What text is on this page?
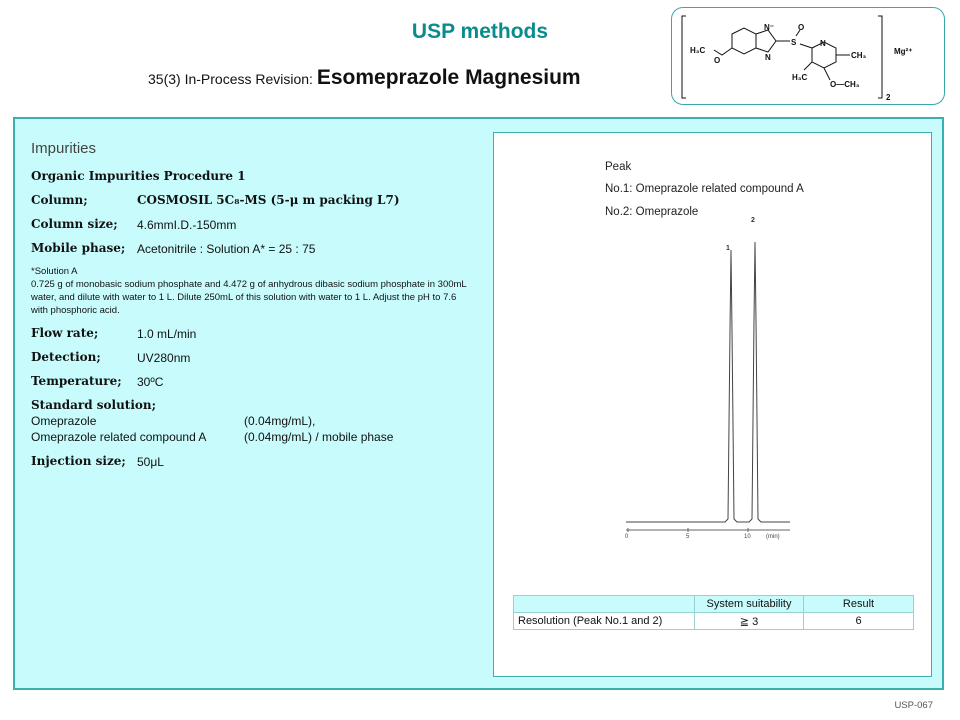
USP methods
35(3) In-Process Revision: Esomeprazole Magnesium
H₃C
O
N⁻
N
S
O
N
CH₃
H₃C
O—CH₃
Mg²⁺
2
Impurities
Organic Impurities Procedure 1
Column;	COSMOSIL 5C₈-MS (5-μ m packing L7)
Column size; 4.6mmI.D.-150mm
Mobile phase; Acetonitrile : Solution A* = 25 : 75
*Solution A
0.725 g of monobasic sodium phosphate and 4.472 g of anhydrous dibasic sodium phosphate in 300mL water, and dilute with water to 1 L. Dilute 250mL of this solution with water to 1 L. Adjust the pH to 7.6 with phosphoric acid.
Flow rate;	1.0 mL/min
Detection;	UV280nm
Temperature; 30ºC
Standard solution;
Omeprazole	(0.04mg/mL),
Omeprazole related compound A	(0.04mg/mL) / mobile phase
Injection size; 50μL
Peak
No.1: Omeprazole related compound A
No.2: Omeprazole
0	5	10	(min)
1
2
	System suitability	Result
Resolution (Peak No.1 and 2)	≧ 3	6
USP-067
